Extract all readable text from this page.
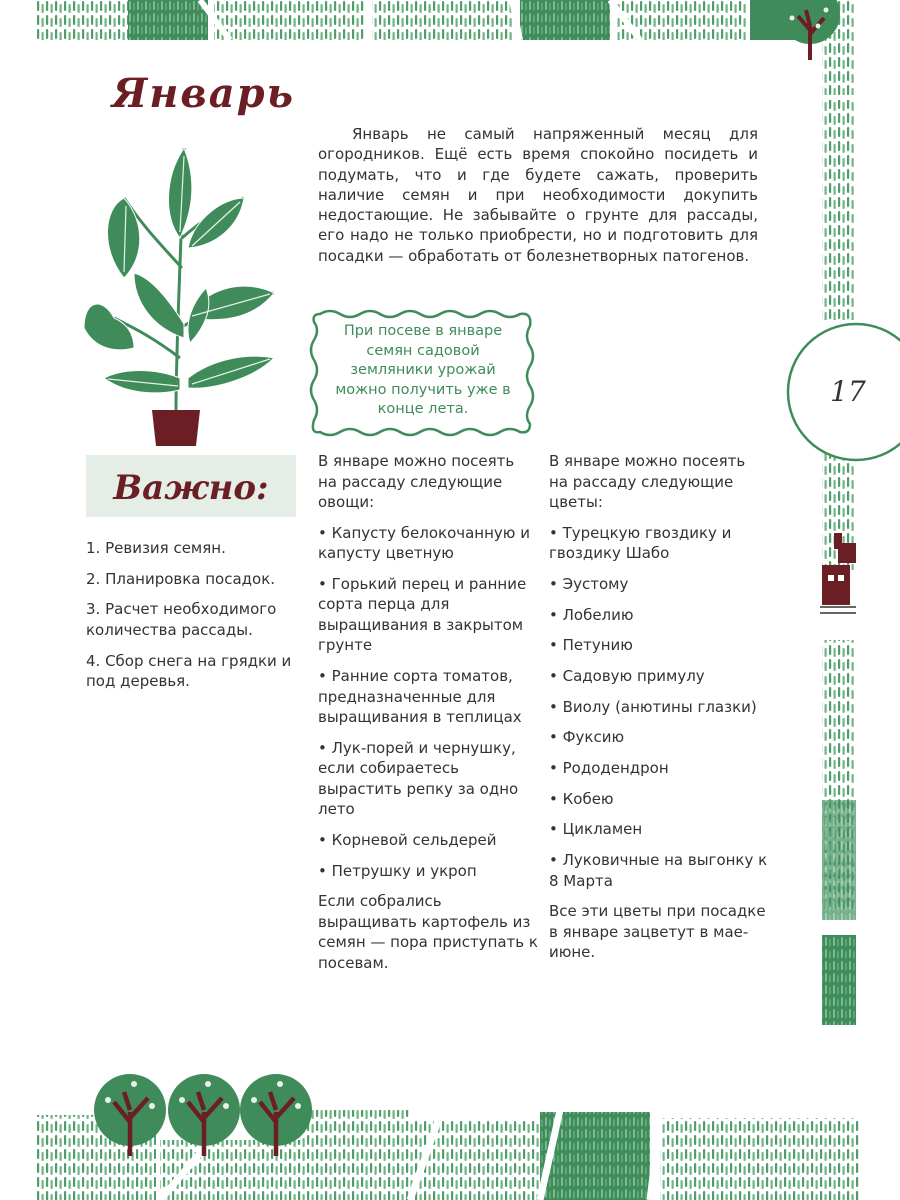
Январь

Январь не самый напряженный месяц для огородников. Ещё есть время спокойно посидеть и подумать, что и где будете сажать, проверить наличие семян и при необходимости докупить недостающие. Не забывайте о грунте для рассады, его надо не только приобрести, но и подготовить для посадки — обработать от болезнетворных патогенов.

При посеве в январе семян садовой земляники урожай можно получить уже в конце лета.

Важно:
1. Ревизия семян.
2. Планировка посадок.
3. Расчет необходимого количества рассады.
4. Сбор снега на грядки и под деревья.

В январе можно посеять на рассаду следующие овощи:

• Капусту белокочанную и капусту цветную
• Горький перец и ранние сорта перца для выращивания в закрытом грунте
• Ранние сорта томатов, предназначенные для выращивания в теплицах
• Лук-порей и чернушку, если собираетесь вырастить репку за одно лето
• Корневой сельдерей
• Петрушку и укроп

Если собрались выращивать картофель из семян — пора приступать к посевам.

В январе можно посеять на рассаду следующие цветы:

• Турецкую гвоздику и гвоздику Шабо
• Эустому
• Лобелию
• Петунию
• Садовую примулу
• Виолу (анютины глазки)
• Фуксию
• Рододендрон
• Кобею
• Цикламен
• Луковичные на выгонку к 8 Марта

Все эти цветы при посадке в январе зацветут в мае-июне.

17
